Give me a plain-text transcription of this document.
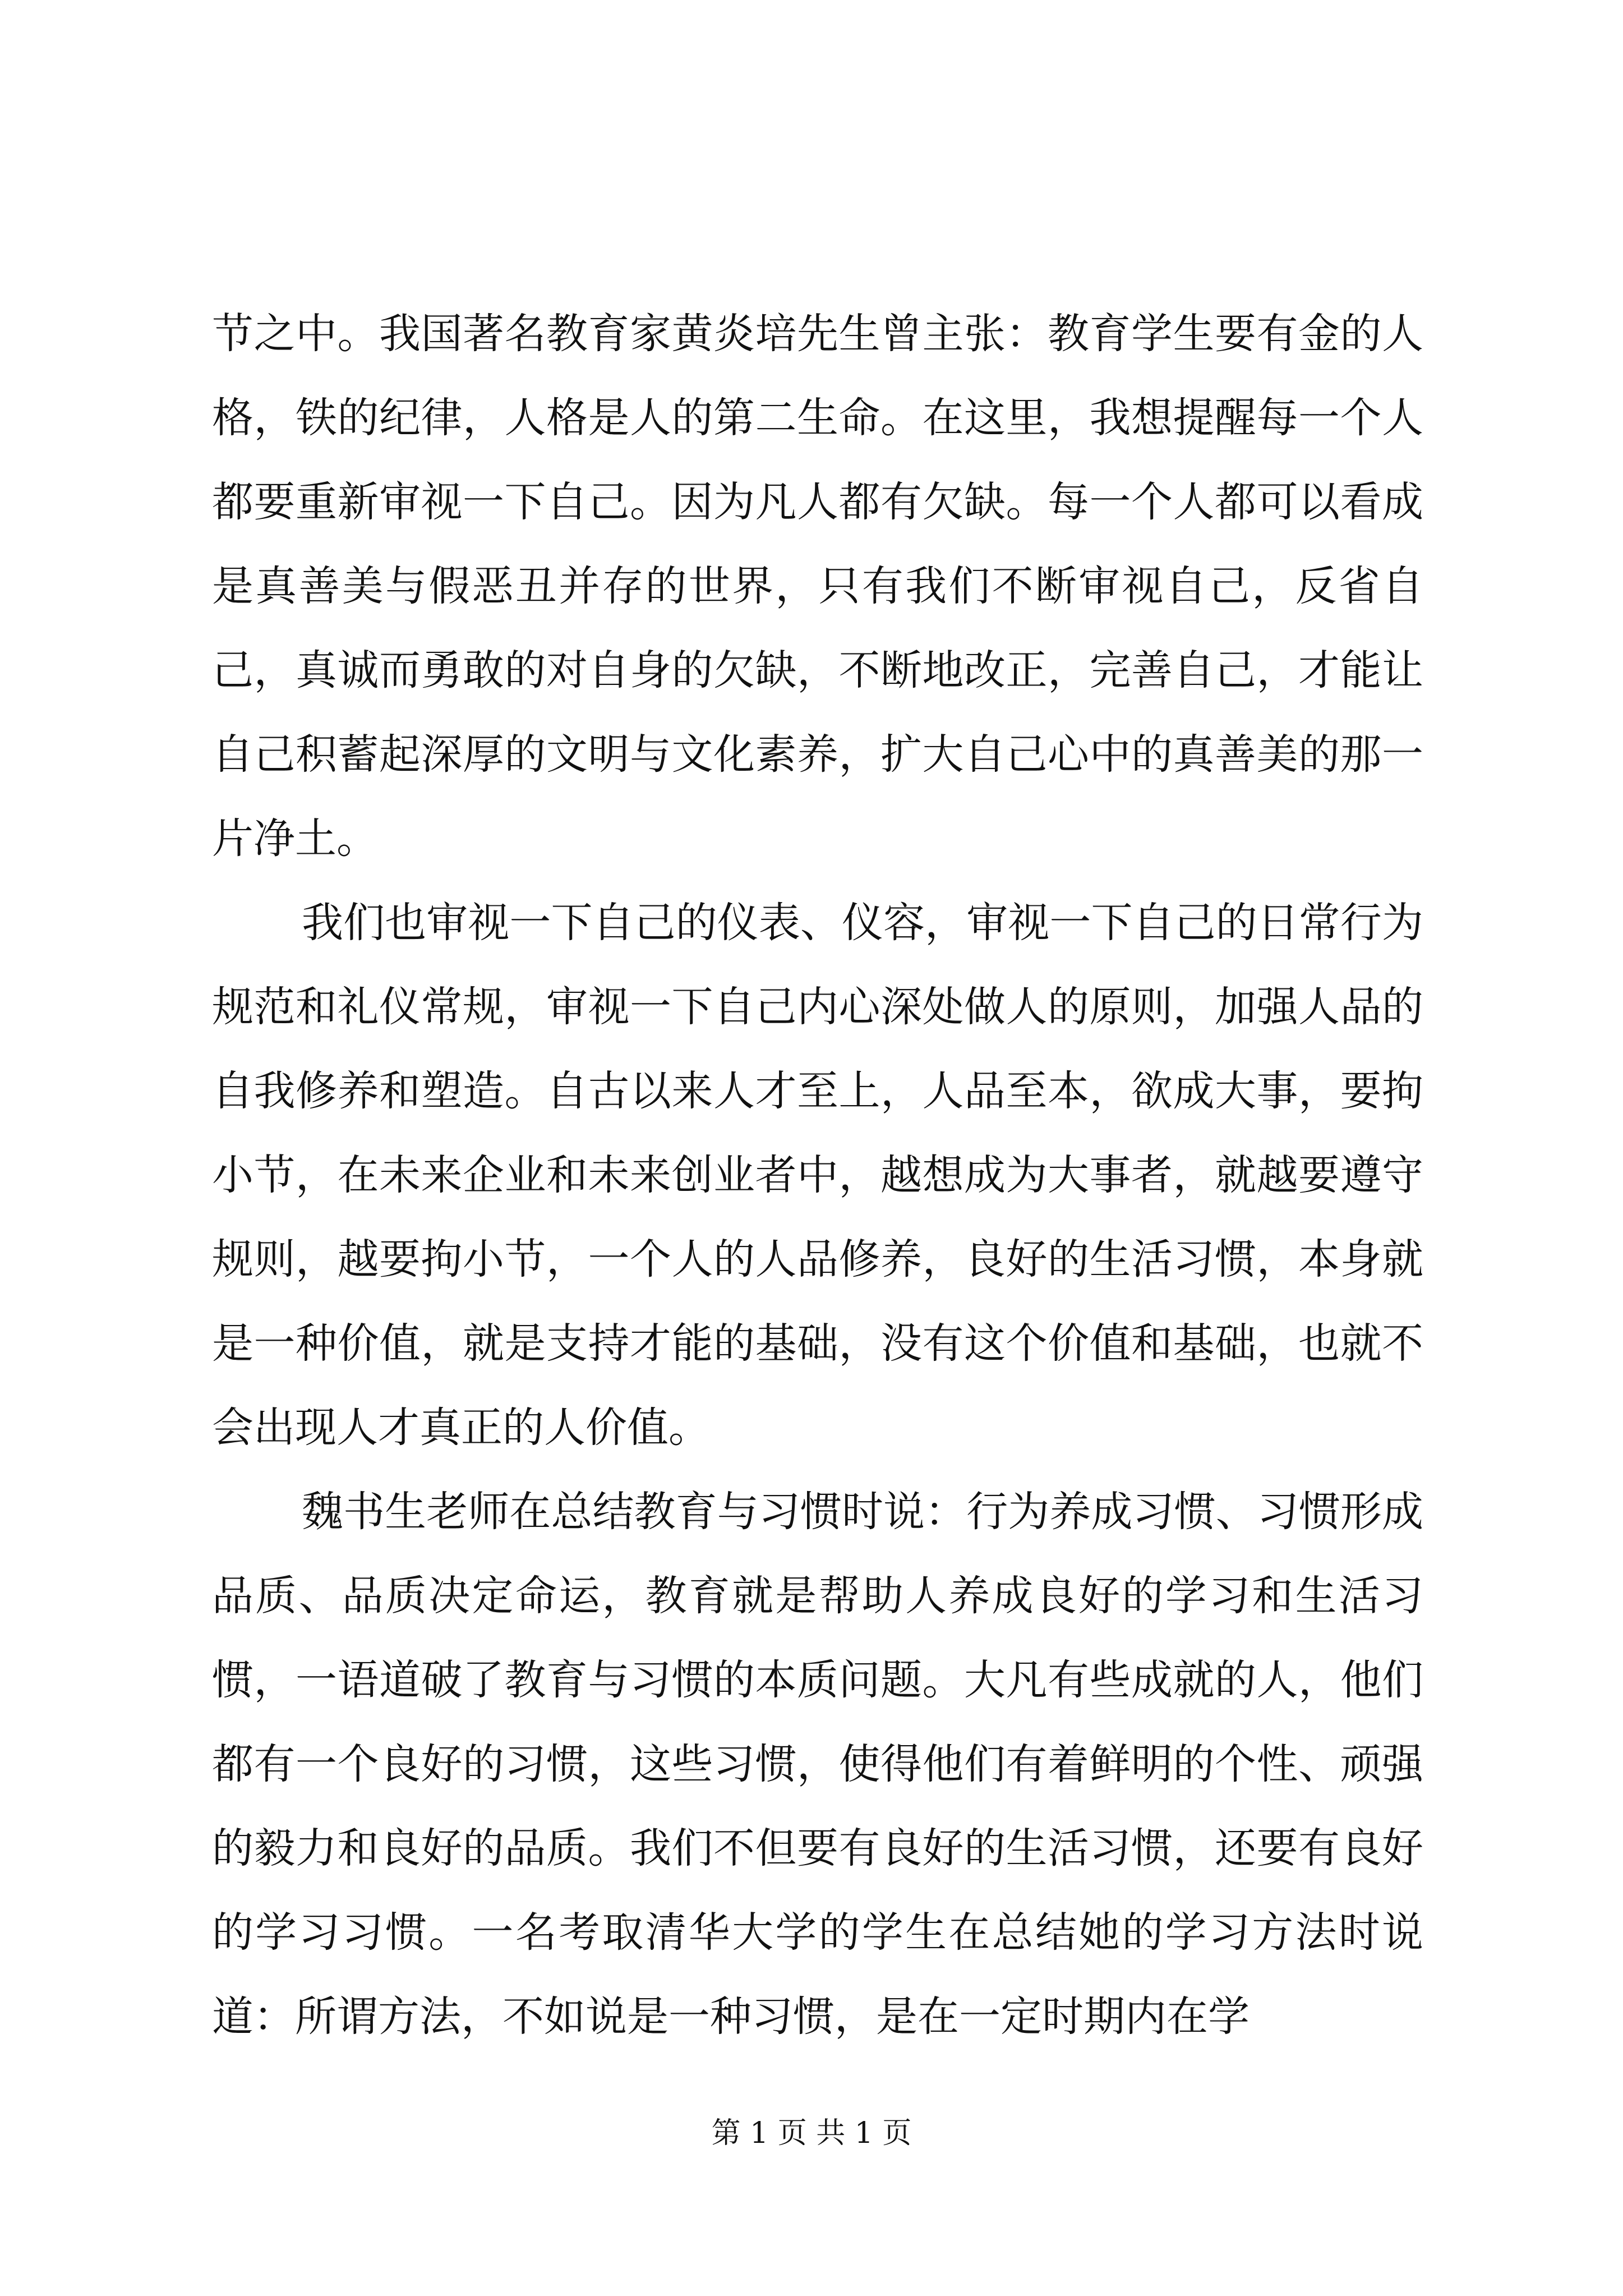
节之中。我国著名教育家黄炎培先生曾主张：教育学生要有金的人格，铁的纪律，人格是人的第二生命。在这里，我想提醒每一个人都要重新审视一下自己。因为凡人都有欠缺。每一个人都可以看成是真善美与假恶丑并存的世界，只有我们不断审视自己，反省自己，真诚而勇敢的对自身的欠缺，不断地改正，完善自己，才能让自己积蓄起深厚的文明与文化素养，扩大自己心中的真善美的那一片净土。

我们也审视一下自己的仪表、仪容，审视一下自己的日常行为规范和礼仪常规，审视一下自己内心深处做人的原则，加强人品的自我修养和塑造。自古以来人才至上，人品至本，欲成大事，要拘小节，在未来企业和未来创业者中，越想成为大事者，就越要遵守规则，越要拘小节，一个人的人品修养，良好的生活习惯，本身就是一种价值，就是支持才能的基础，没有这个价值和基础，也就不会出现人才真正的人价值。

魏书生老师在总结教育与习惯时说：行为养成习惯、习惯形成品质、品质决定命运，教育就是帮助人养成良好的学习和生活习惯，一语道破了教育与习惯的本质问题。大凡有些成就的人，他们都有一个良好的习惯，这些习惯，使得他们有着鲜明的个性、顽强的毅力和良好的品质。我们不但要有良好的生活习惯，还要有良好的学习习惯。一名考取清华大学的学生在总结她的学习方法时说道：所谓方法，不如说是一种习惯，是在一定时期内在学

第 1 页 共 1 页
